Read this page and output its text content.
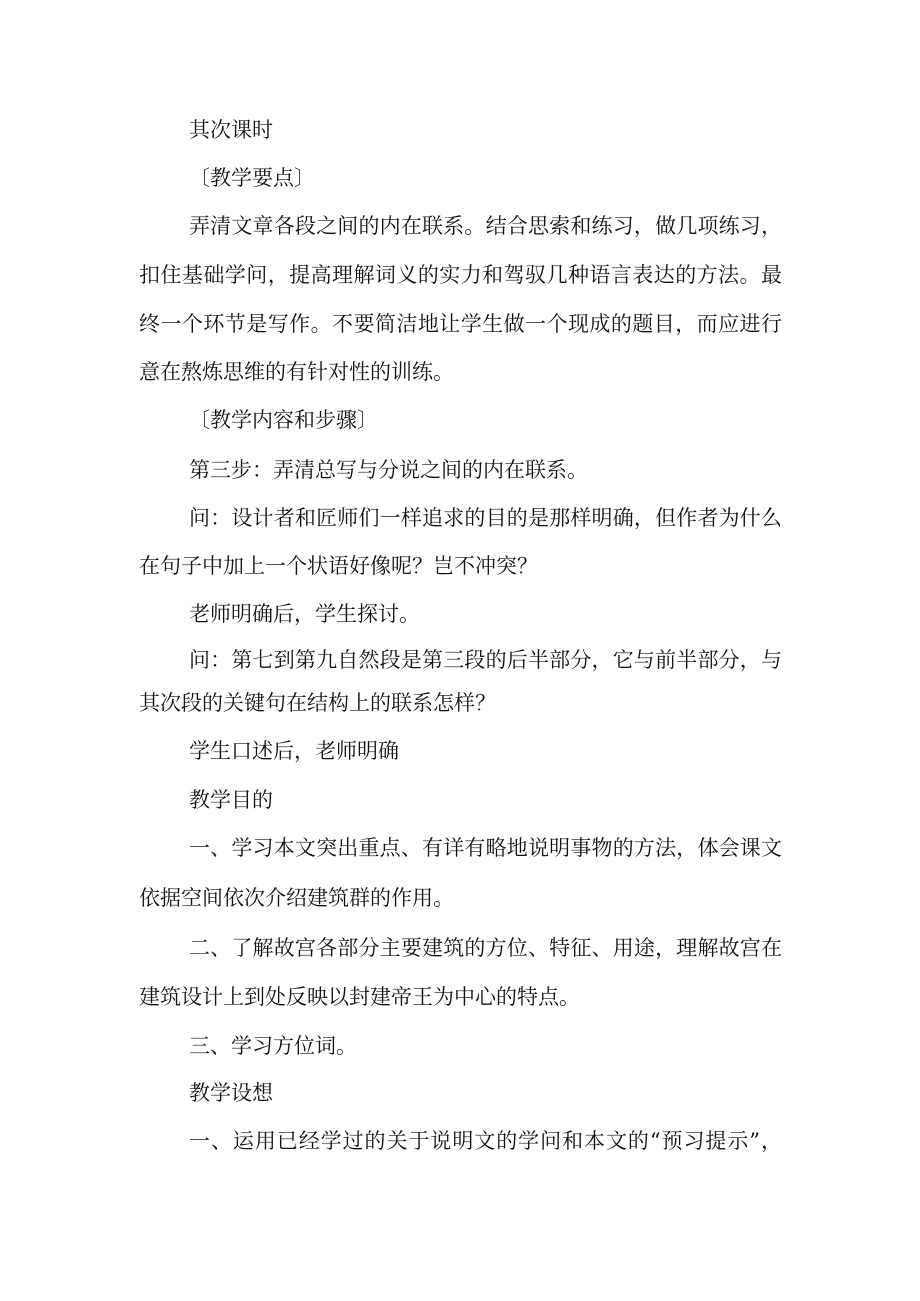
其次课时
〔教学要点〕
弄清文章各段之间的内在联系。结合思索和练习，做几项练习，
扣住基础学问，提高理解词义的实力和驾驭几种语言表达的方法。最
终一个环节是写作。不要简洁地让学生做一个现成的题目，而应进行
意在熬炼思维的有针对性的训练。
〔教学内容和步骤〕
第三步：弄清总写与分说之间的内在联系。
问：设计者和匠师们一样追求的目的是那样明确，但作者为什么
在句子中加上一个状语好像呢？岂不冲突？
老师明确后，学生探讨。
问：第七到第九自然段是第三段的后半部分，它与前半部分，与
其次段的关键句在结构上的联系怎样？
学生口述后，老师明确
教学目的
一、学习本文突出重点、有详有略地说明事物的方法，体会课文
依据空间依次介绍建筑群的作用。
二、了解故宫各部分主要建筑的方位、特征、用途，理解故宫在
建筑设计上到处反映以封建帝王为中心的特点。
三、学习方位词。
教学设想
一、运用已经学过的关于说明文的学问和本文的“预习提示”，
